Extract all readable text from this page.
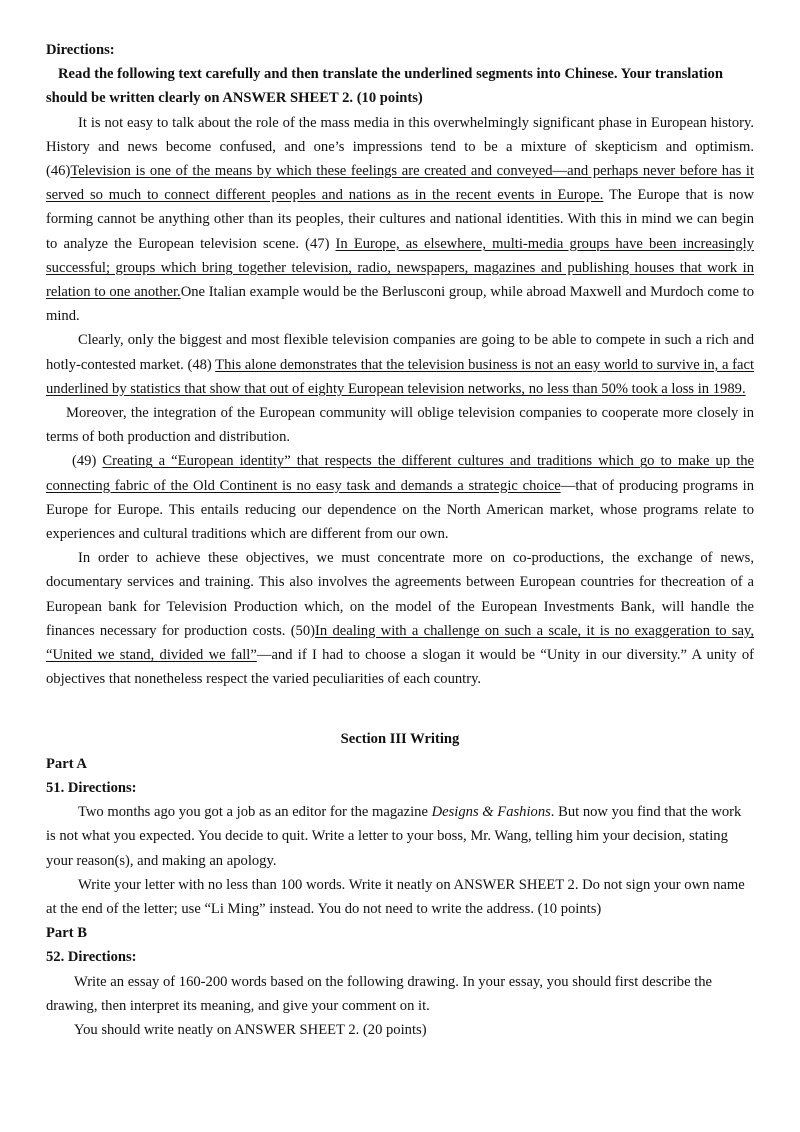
Directions:

Read the following text carefully and then translate the underlined segments into Chinese. Your translation should be written clearly on ANSWER SHEET 2. (10 points)

It is not easy to talk about the role of the mass media in this overwhelmingly significant phase in European history. History and news become confused, and one’s impressions tend to be a mixture of skepticism and optimism. (46)Television is one of the means by which these feelings are created and conveyed—and perhaps never before has it served so much to connect different peoples and nations as in the recent events in Europe. The Europe that is now forming cannot be anything other than its peoples, their cultures and national identities. With this in mind we can begin to analyze the European television scene. (47) In Europe, as elsewhere, multi-media groups have been increasingly successful; groups which bring together television, radio, newspapers, magazines and publishing houses that work in relation to one another.One Italian example would be the Berlusconi group, while abroad Maxwell and Murdoch come to mind.

Clearly, only the biggest and most flexible television companies are going to be able to compete in such a rich and hotly-contested market. (48) This alone demonstrates that the television business is not an easy world to survive in, a fact underlined by statistics that show that out of eighty European television networks, no less than 50% took a loss in 1989.

Moreover, the integration of the European community will oblige television companies to cooperate more closely in terms of both production and distribution.

(49) Creating a “European identity” that respects the different cultures and traditions which go to make up the connecting fabric of the Old Continent is no easy task and demands a strategic choice—that of producing programs in Europe for Europe. This entails reducing our dependence on the North American market, whose programs relate to experiences and cultural traditions which are different from our own.

In order to achieve these objectives, we must concentrate more on co-productions, the exchange of news, documentary services and training. This also involves the agreements between European countries for thecreation of a European bank for Television Production which, on the model of the European Investments Bank, will handle the finances necessary for production costs. (50)In dealing with a challenge on such a scale, it is no exaggeration to say, “United we stand, divided we fall”—and if I had to choose a slogan it would be “Unity in our diversity.” A unity of objectives that nonetheless respect the varied peculiarities of each country.

Section III Writing

Part A

51. Directions:

Two months ago you got a job as an editor for the magazine Designs & Fashions. But now you find that the work is not what you expected. You decide to quit. Write a letter to your boss, Mr. Wang, telling him your decision, stating your reason(s), and making an apology.

Write your letter with no less than 100 words. Write it neatly on ANSWER SHEET 2. Do not sign your own name at the end of the letter; use “Li Ming” instead. You do not need to write the address. (10 points)

Part B

52. Directions:

Write an essay of 160-200 words based on the following drawing. In your essay, you should first describe the drawing, then interpret its meaning, and give your comment on it.

You should write neatly on ANSWER SHEET 2. (20 points)
